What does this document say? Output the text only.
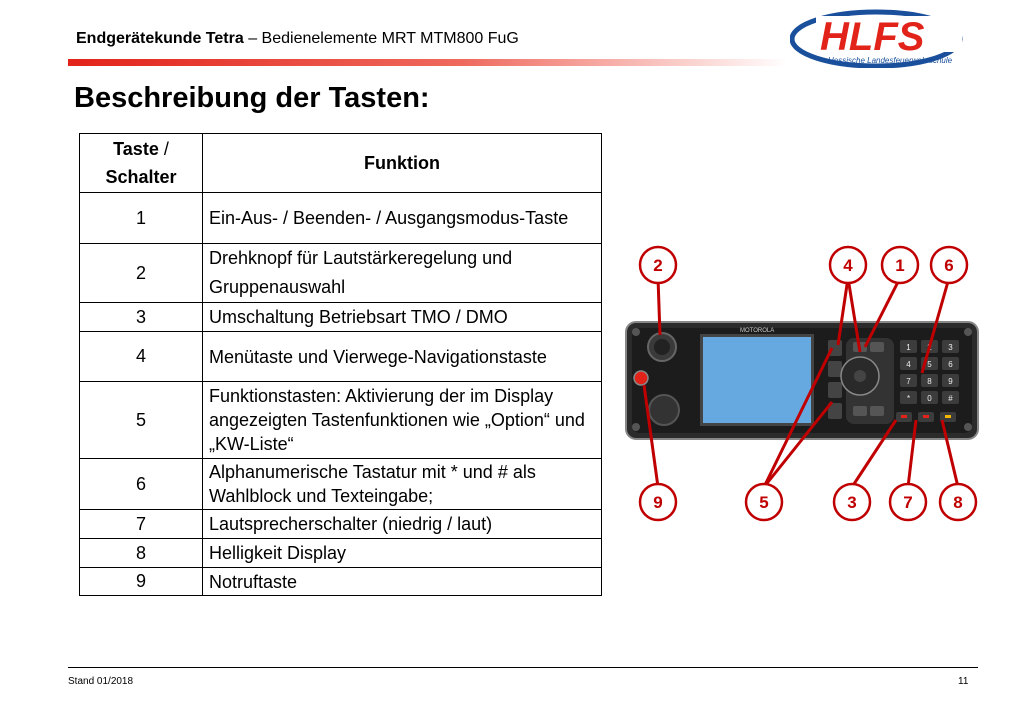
Endgerätekunde Tetra – Bedienelemente MRT MTM800 FuG	HLFS
Hessische Landesfeuerwehrschule
Beschreibung der Tasten:
Taste /
Schalter	Funktion
1	Ein-Aus- / Beenden- / Ausgangsmodus-Taste
2	Drehknopf für Lautstärkeregelung und Gruppenauswahl
3	Umschaltung Betriebsart TMO / DMO
4	Menütaste und Vierwege-Navigationstaste
5	Funktionstasten: Aktivierung der im Display angezeigten Tastenfunktionen wie „Option“ und „KW-Liste“
6	Alphanumerische Tastatur mit * und # als Wahlblock und Texteingabe;
7	Lautsprecherschalter (niedrig / laut)
8	Helligkeit Display
9	Notruftaste
MOTOROLA
1 2 3
4 5 6
7 8 9
* 0 #
2	4	1 6
9	5	3	7 8
Stand 01/2018	11
